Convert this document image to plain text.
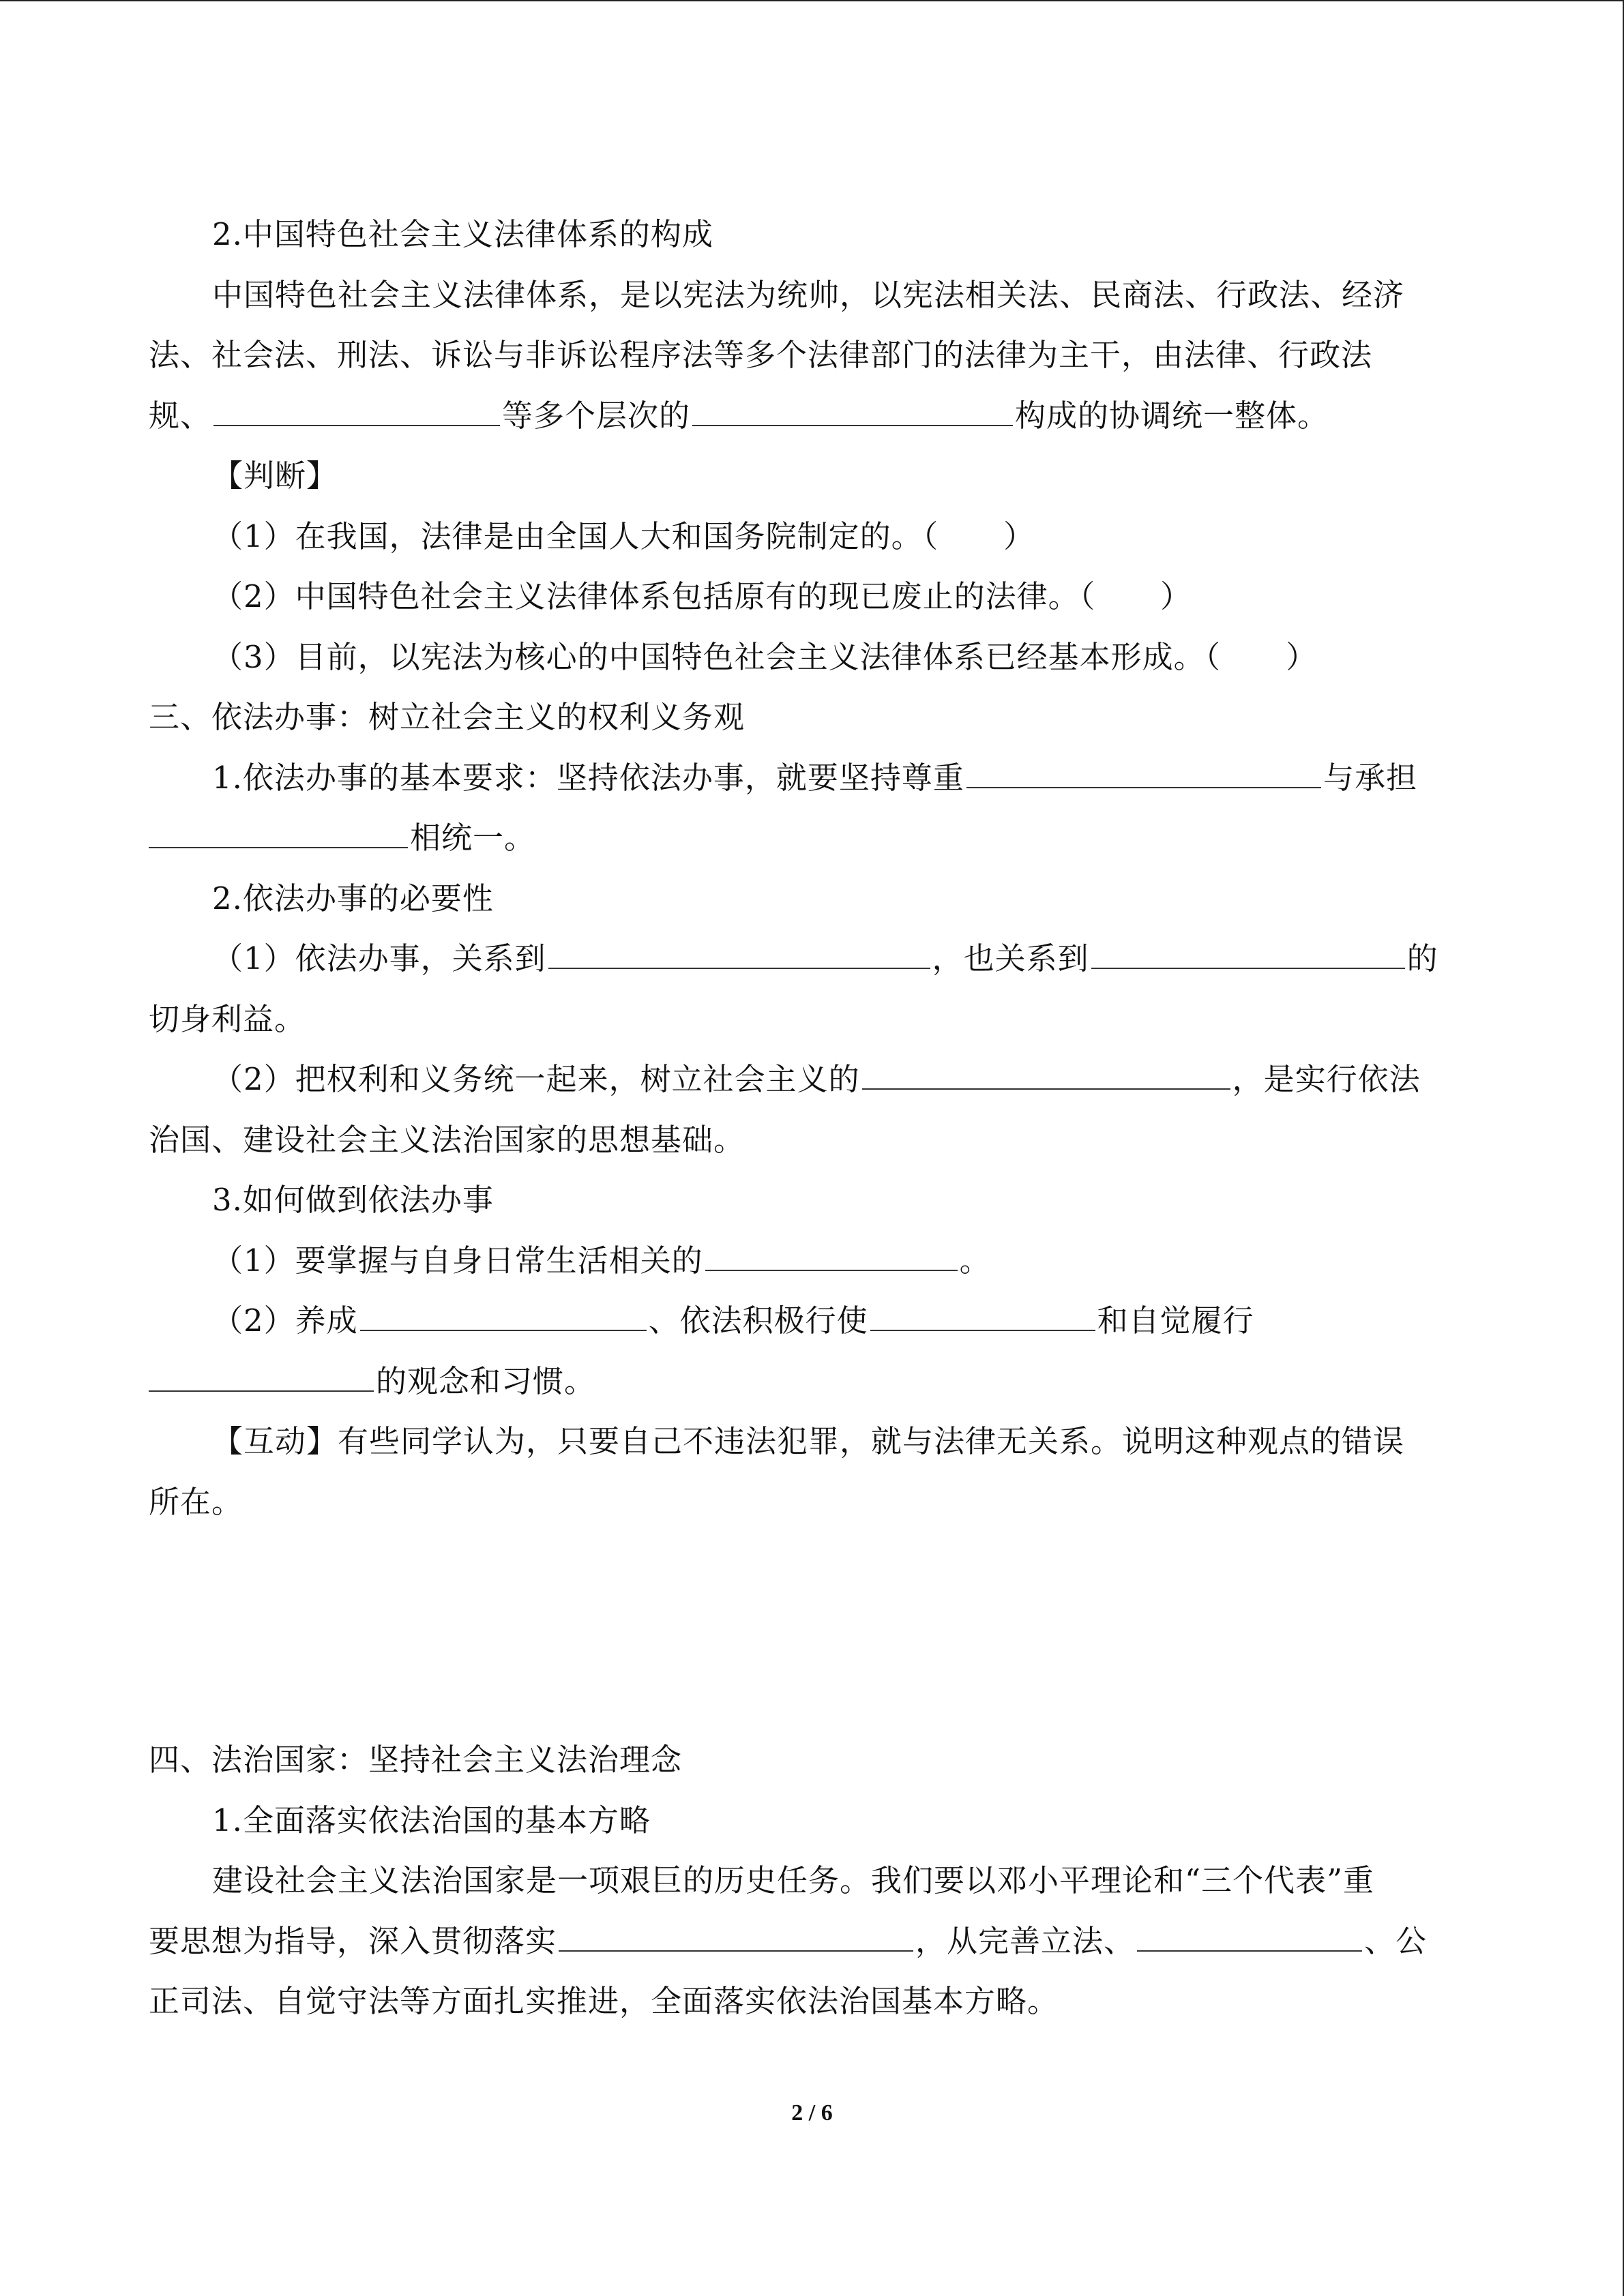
2.中国特色社会主义法律体系的构成
中国特色社会主义法律体系，是以宪法为统帅，以宪法相关法、民商法、行政法、经济
法、社会法、刑法、诉讼与非诉讼程序法等多个法律部门的法律为主干，由法律、行政法
规、	等多个层次的	构成的协调统一整体。
【判断】
（1）在我国，法律是由全国人大和国务院制定的。（ ）
（2）中国特色社会主义法律体系包括原有的现已废止的法律。（ ）
（3）目前，以宪法为核心的中国特色社会主义法律体系已经基本形成。（ ）
三、依法办事：树立社会主义的权利义务观
1.依法办事的基本要求：坚持依法办事，就要坚持尊重	与承担
相统一。
2.依法办事的必要性
（1）依法办事，关系到	，也关系到	的
切身利益。
（2）把权利和义务统一起来，树立社会主义的	，是实行依法
治国、建设社会主义法治国家的思想基础。
3.如何做到依法办事
（1）要掌握与自身日常生活相关的	。
（2）养成	、依法积极行使	和自觉履行
的观念和习惯。
【互动】有些同学认为，只要自己不违法犯罪，就与法律无关系。说明这种观点的错误
所在。
四、法治国家：坚持社会主义法治理念
1.全面落实依法治国的基本方略
建设社会主义法治国家是一项艰巨的历史任务。我们要以邓小平理论和“三个代表”重
要思想为指导，深入贯彻落实	，从完善立法、	、公
正司法、自觉守法等方面扎实推进，全面落实依法治国基本方略。
2 / 6
